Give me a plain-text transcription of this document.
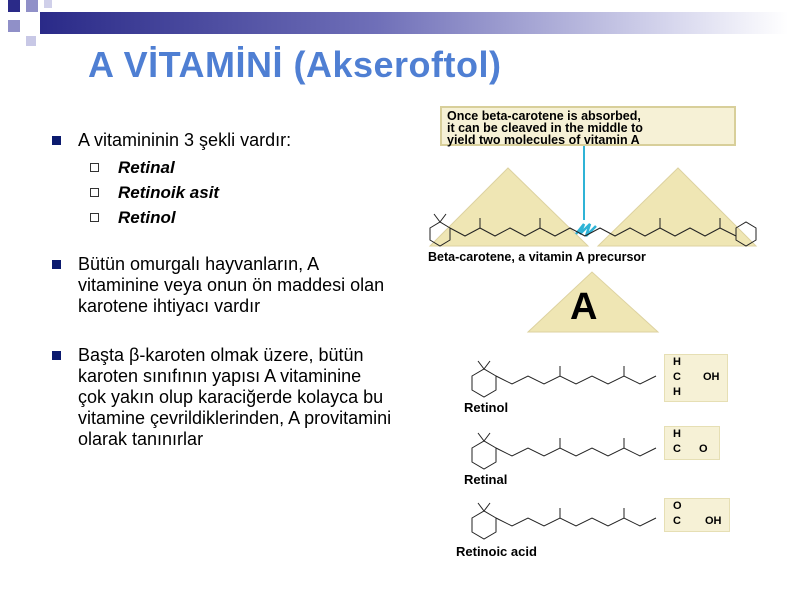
A VİTAMİNİ (Akseroftol)
A vitamininin 3 şekli vardır:
Retinal
Retinoik asit
Retinol
Bütün omurgalı hayvanların, A vitaminine veya onun ön maddesi olan karotene ihtiyacı vardır
Başta β-karoten olmak üzere, bütün karoten sınıfının yapısı A vitaminine çok yakın olup karaciğerde kolayca bu vitamine çevrildiklerinden, A provitamini olarak tanınırlar
Once beta-carotene is absorbed,
it can be cleaved in the middle to
yield two molecules of vitamin A
Beta-carotene, a vitamin A precursor
A
H
C OH
H
Retinol
H
C O
Retinal
O
C OH
Retinoic acid
